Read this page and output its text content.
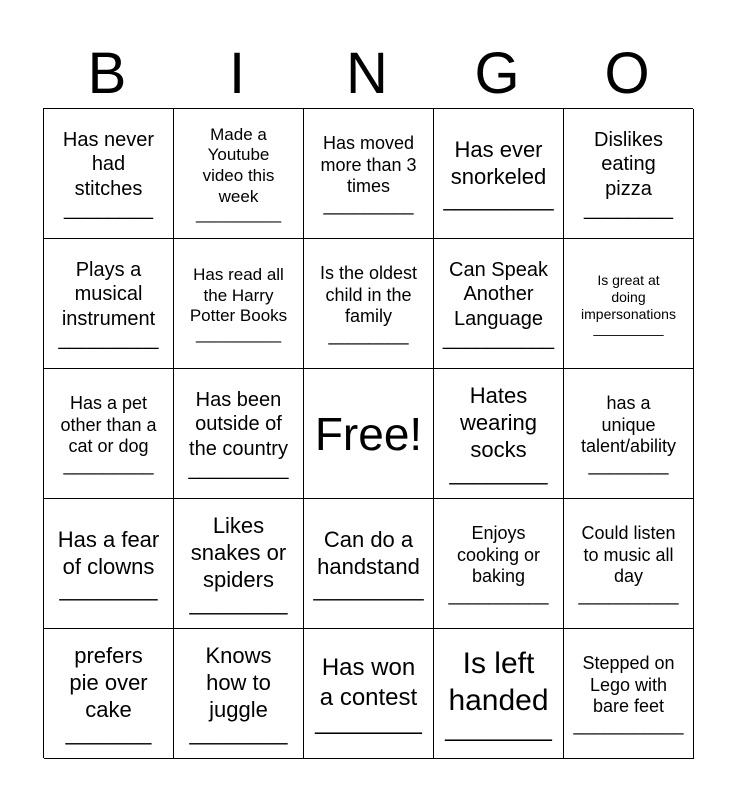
B	I	N	G	O
Has never
had
stitches
________
Made a
Youtube
video this
week
_________
Has moved
more than 3
times
_________
Has ever
snorkeled
_________
Dislikes
eating
pizza
________
Plays a
musical
instrument
_________
Has read all
the Harry
Potter Books
_________
Is the oldest
child in the
family
________
Can Speak
Another
Language
__________
Is great at
doing
impersonations
_________
Has a pet
other than a
cat or dog
_________
Has been
outside of
the country
_________
Free!
Hates
wearing
socks
________
has a
unique
talent/ability
________
Has a fear
of clowns
________
Likes
snakes or
spiders
________
Can do a
handstand
_________
Enjoys
cooking or
baking
__________
Could listen
to music all
day
__________
prefers
pie over
cake
_______
Knows
how to
juggle
________
Has won
a contest
________
Is left
handed
________
Stepped on
Lego with
bare feet
___________
